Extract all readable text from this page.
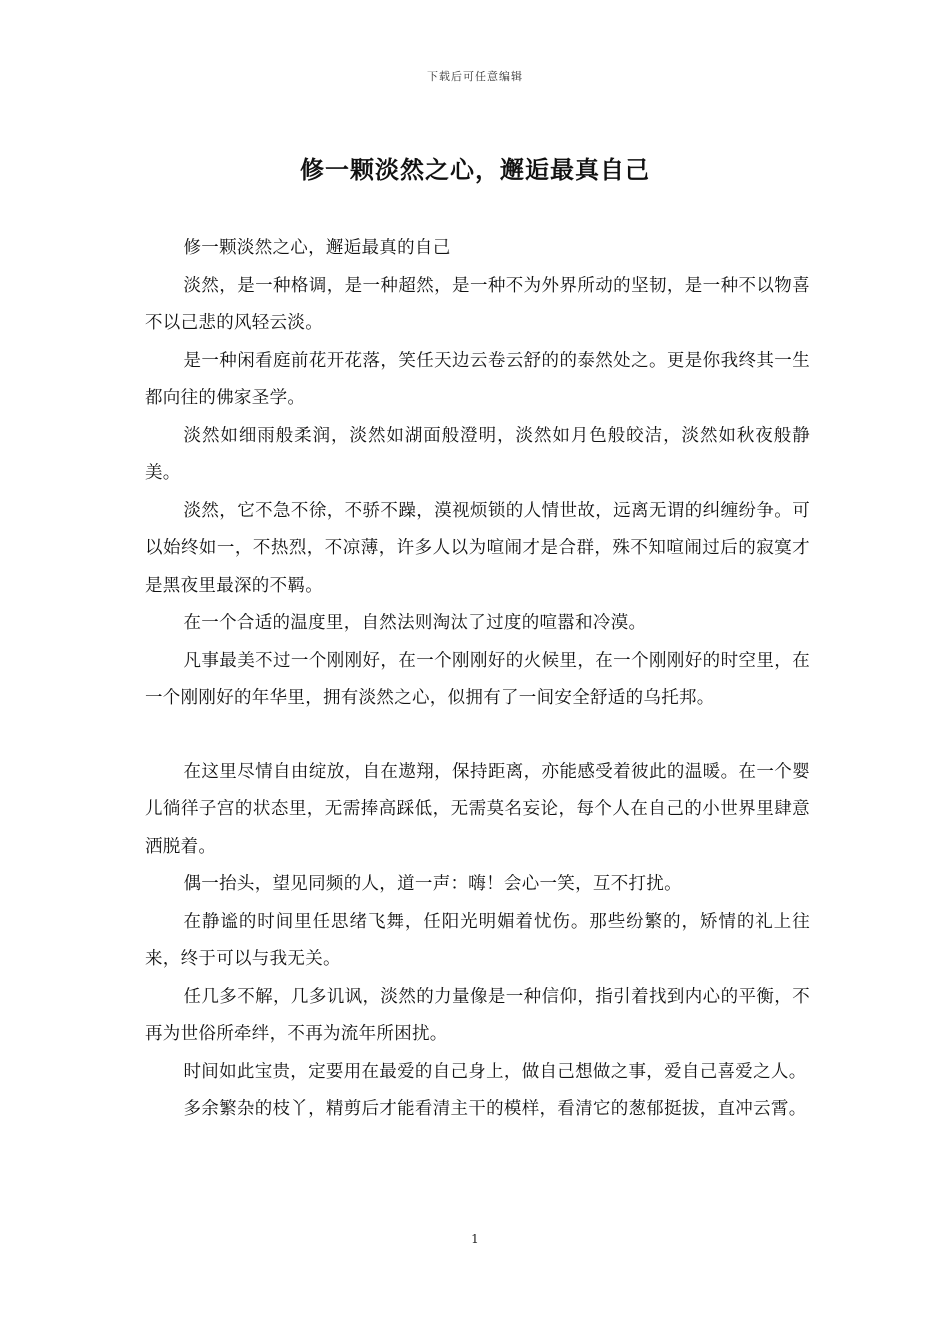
下载后可任意编辑
修一颗淡然之心，邂逅最真自己

修一颗淡然之心，邂逅最真的自己

淡然，是一种格调，是一种超然，是一种不为外界所动的坚韧，是一种不以物喜不以己悲的风轻云淡。

是一种闲看庭前花开花落，笑任天边云卷云舒的的泰然处之。更是你我终其一生都向往的佛家圣学。

淡然如细雨般柔润，淡然如湖面般澄明，淡然如月色般皎洁，淡然如秋夜般静美。

淡然，它不急不徐，不骄不躁，漠视烦锁的人情世故，远离无谓的纠缠纷争。可以始终如一，不热烈，不凉薄，许多人以为喧闹才是合群，殊不知喧闹过后的寂寞才是黑夜里最深的不羁。

在一个合适的温度里，自然法则淘汰了过度的喧嚣和冷漠。

凡事最美不过一个刚刚好，在一个刚刚好的火候里，在一个刚刚好的时空里，在一个刚刚好的年华里，拥有淡然之心，似拥有了一间安全舒适的乌托邦。

在这里尽情自由绽放，自在遨翔，保持距离，亦能感受着彼此的温暖。在一个婴儿徜徉子宫的状态里，无需捧高踩低，无需莫名妄论，每个人在自己的小世界里肆意洒脱着。

偶一抬头，望见同频的人，道一声：嗨！会心一笑，互不打扰。

在静谧的时间里任思绪飞舞，任阳光明媚着忧伤。那些纷繁的，矫情的礼上往来，终于可以与我无关。

任几多不解，几多讥讽，淡然的力量像是一种信仰，指引着找到内心的平衡，不再为世俗所牵绊，不再为流年所困扰。

时间如此宝贵，定要用在最爱的自己身上，做自己想做之事，爱自己喜爱之人。

多余繁杂的枝丫，精剪后才能看清主干的模样，看清它的葱郁挺拔，直冲云霄。

1
